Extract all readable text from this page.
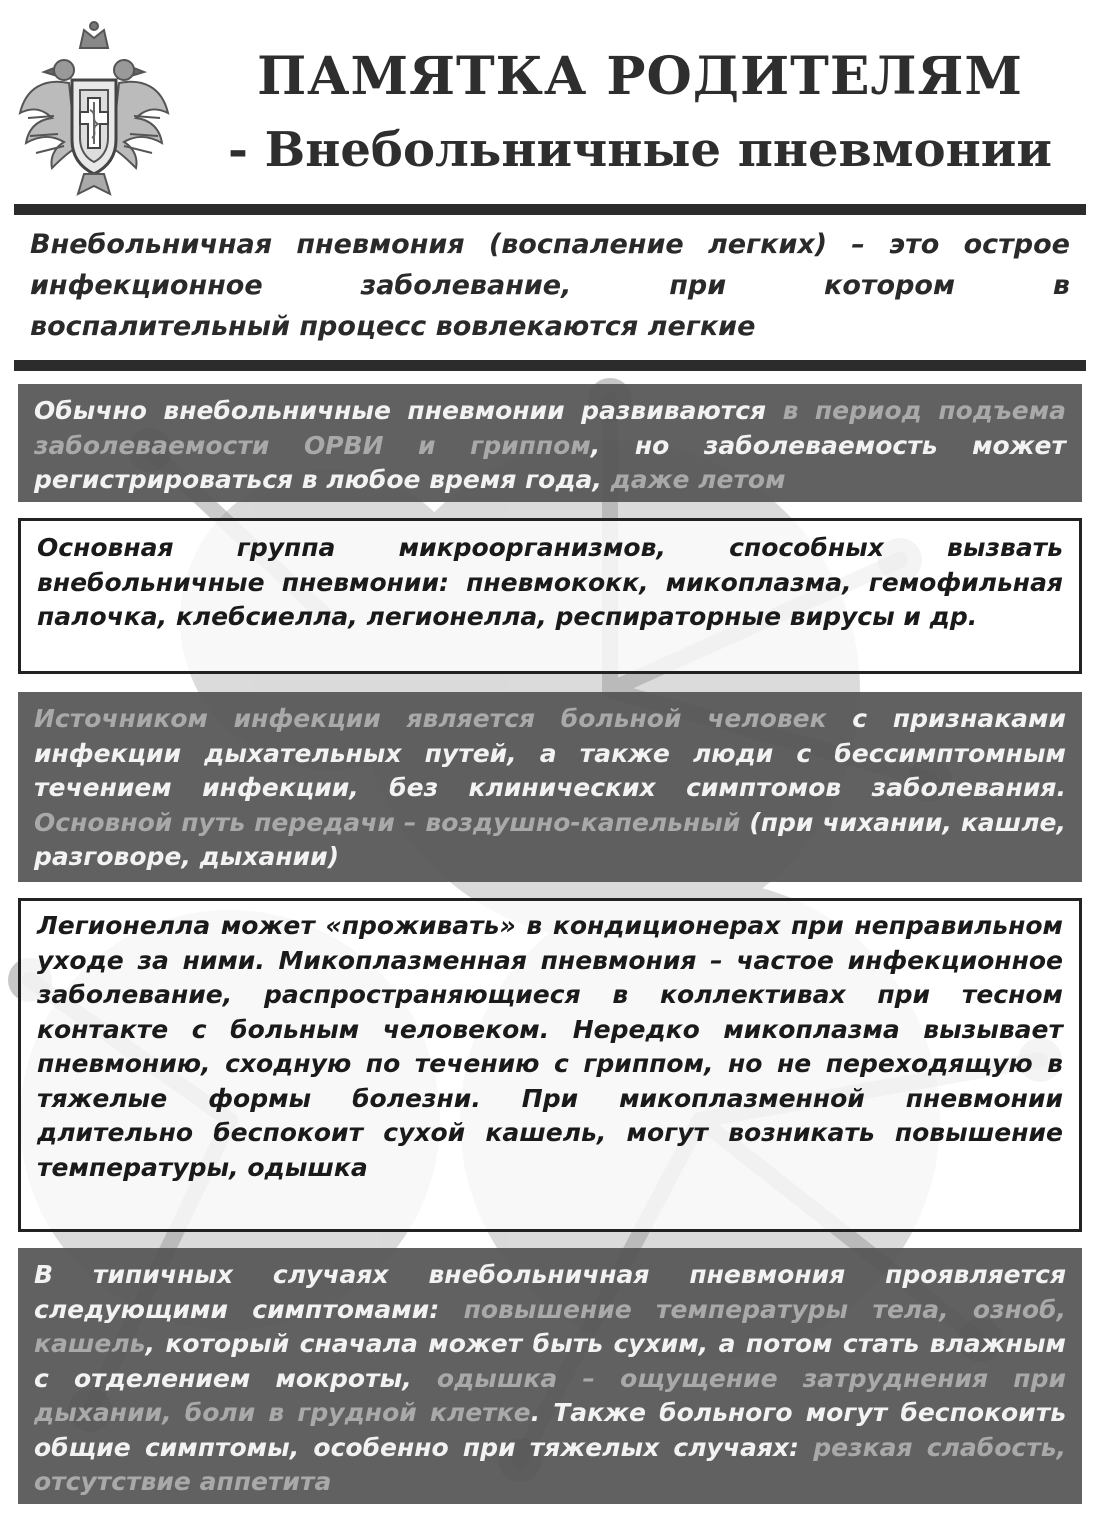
ПАМЯТКА РОДИТЕЛЯМ
- Внебольничные пневмонии
Внебольничная пневмония (воспаление легких) – это острое инфекционное заболевание, при котором в
воспалительный процесс вовлекаются легкие

Обычно внебольничные пневмонии развиваются в период подъема заболеваемости ОРВИ и гриппом, но заболеваемость может регистрироваться в любое время года, даже летом

Основная группа микроорганизмов, способных вызвать внебольничные пневмонии: пневмококк, микоплазма, гемофильная палочка, клебсиелла, легионелла, респираторные вирусы и др.

Источником инфекции является больной человек с признаками инфекции дыхательных путей, а также люди с бессимптомным течением инфекции, без клинических симптомов заболевания. Основной путь передачи – воздушно-капельный (при чихании, кашле, разговоре, дыхании)

Легионелла может «проживать» в кондиционерах при неправильном уходе за ними. Микоплазменная пневмония – частое инфекционное заболевание, распространяющиеся в коллективах при тесном контакте с больным человеком. Нередко микоплазма вызывает пневмонию, сходную по течению с гриппом, но не переходящую в тяжелые формы болезни. При микоплазменной пневмонии длительно беспокоит сухой кашель, могут возникать повышение температуры, одышка

В типичных случаях внебольничная пневмония проявляется следующими симптомами: повышение температуры тела, озноб, кашель, который сначала может быть сухим, а потом стать влажным с отделением мокроты, одышка – ощущение затруднения при дыхании, боли в грудной клетке. Также больного могут беспокоить общие симптомы, особенно при тяжелых случаях: резкая слабость, отсутствие аппетита
